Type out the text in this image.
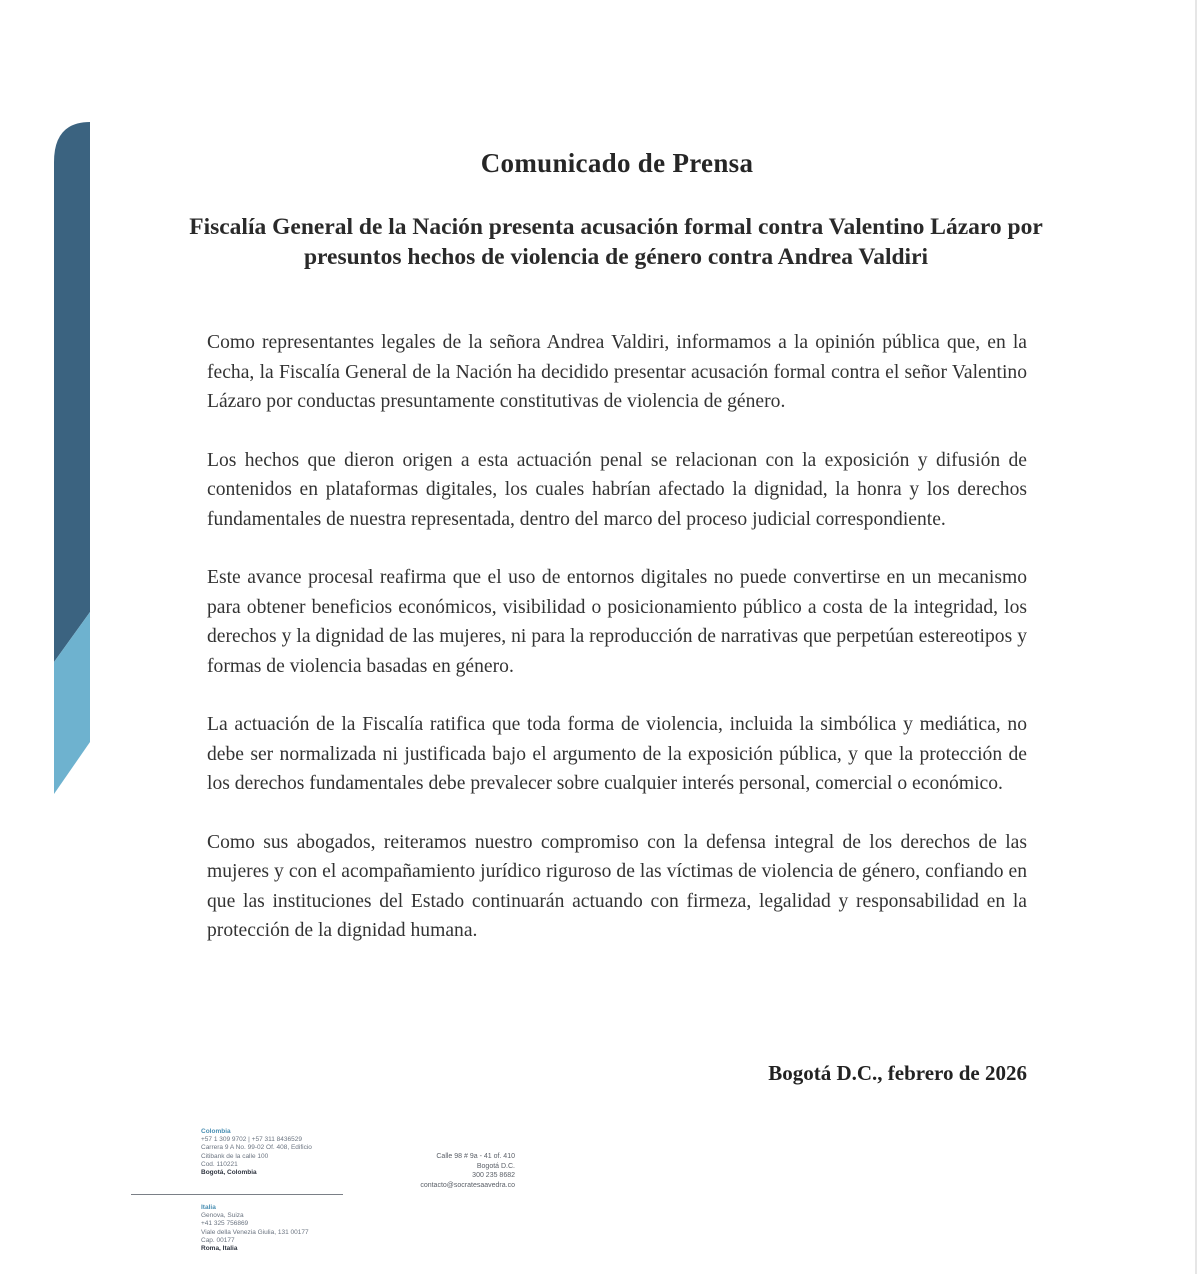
Comunicado de Prensa
Fiscalía General de la Nación presenta acusación formal contra Valentino Lázaro por presuntos hechos de violencia de género contra Andrea Valdiri

Como representantes legales de la señora Andrea Valdiri, informamos a la opinión pública que, en la fecha, la Fiscalía General de la Nación ha decidido presentar acusación formal contra el señor Valentino Lázaro por conductas presuntamente constitutivas de violencia de género.

Los hechos que dieron origen a esta actuación penal se relacionan con la exposición y difusión de contenidos en plataformas digitales, los cuales habrían afectado la dignidad, la honra y los derechos fundamentales de nuestra representada, dentro del marco del proceso judicial correspondiente.

Este avance procesal reafirma que el uso de entornos digitales no puede convertirse en un mecanismo para obtener beneficios económicos, visibilidad o posicionamiento público a costa de la integridad, los derechos y la dignidad de las mujeres, ni para la reproducción de narrativas que perpetúan estereotipos y formas de violencia basadas en género.

La actuación de la Fiscalía ratifica que toda forma de violencia, incluida la simbólica y mediática, no debe ser normalizada ni justificada bajo el argumento de la exposición pública, y que la protección de los derechos fundamentales debe prevalecer sobre cualquier interés personal, comercial o económico.

Como sus abogados, reiteramos nuestro compromiso con la defensa integral de los derechos de las mujeres y con el acompañamiento jurídico riguroso de las víctimas de violencia de género, confiando en que las instituciones del Estado continuarán actuando con firmeza, legalidad y responsabilidad en la protección de la dignidad humana.

Bogotá D.C., febrero de 2026
Colombia
+57 1 309 9702 | +57 311 8436529
Carrera 9 A No. 99-02 Of. 408, Edificio
Citibank de la calle 100
Cod. 110221
Bogotá, Colombia
Italia
Genova, Suiza
+41 325 756869
Viale della Venezia Giulia, 131 00177
Cap. 00177
Roma, Italia
Calle 98 # 9a - 41 of. 410
Bogotá D.C.
300 235 8682
contacto@socratesaavedra.co
